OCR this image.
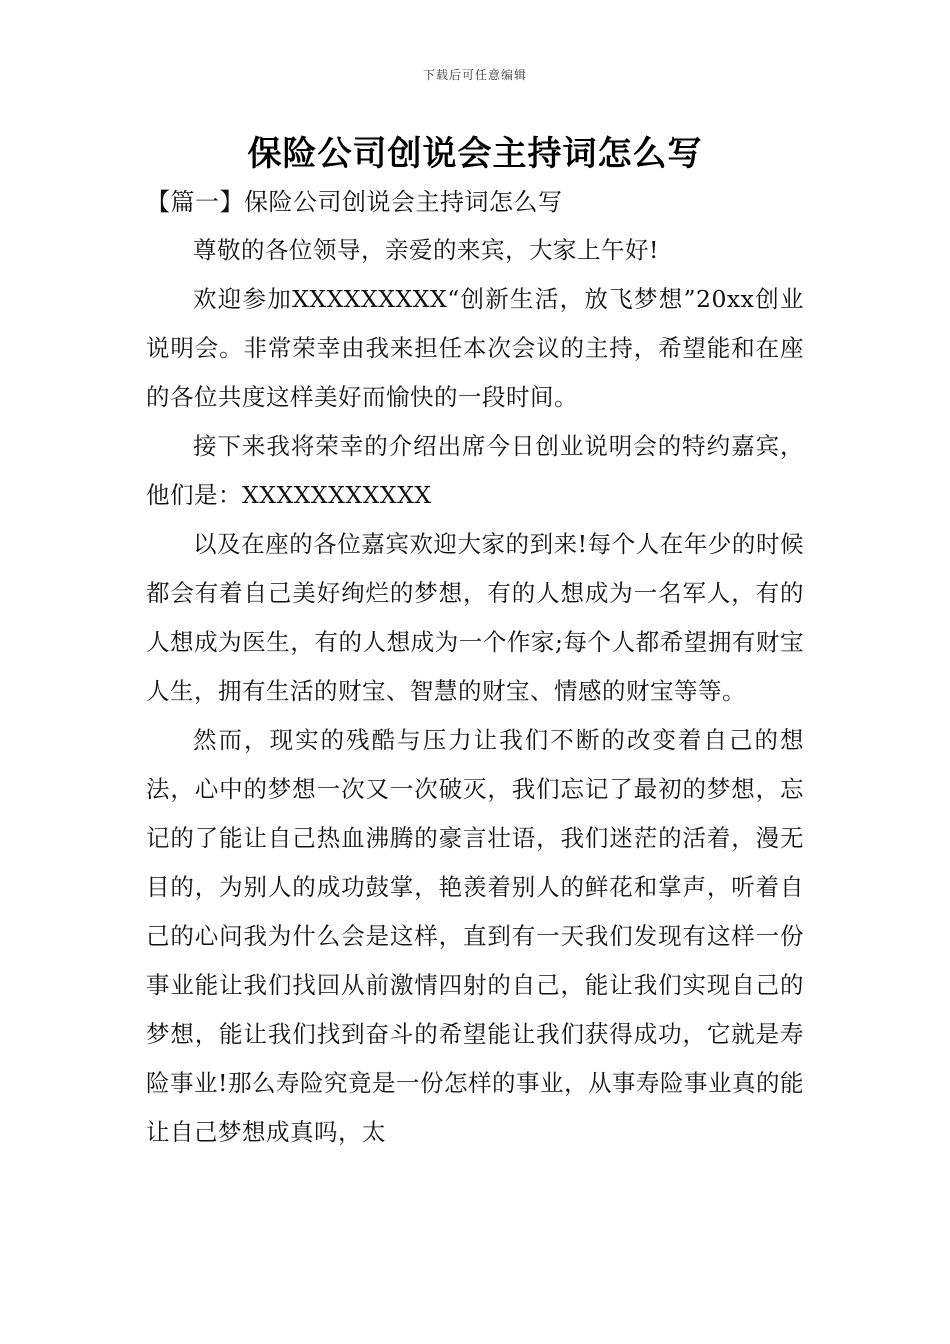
下载后可任意编辑
保险公司创说会主持词怎么写
【篇一】保险公司创说会主持词怎么写

尊敬的各位领导，亲爱的来宾，大家上午好!

欢迎参加XXXXXXXXX“创新生活，放飞梦想”20xx创业说明会。非常荣幸由我来担任本次会议的主持，希望能和在座的各位共度这样美好而愉快的一段时间。

接下来我将荣幸的介绍出席今日创业说明会的特约嘉宾，他们是：XXXXXXXXXXX

以及在座的各位嘉宾欢迎大家的到来!每个人在年少的时候都会有着自己美好绚烂的梦想，有的人想成为一名军人，有的人想成为医生，有的人想成为一个作家;每个人都希望拥有财宝人生，拥有生活的财宝、智慧的财宝、情感的财宝等等。

然而，现实的残酷与压力让我们不断的改变着自己的想法，心中的梦想一次又一次破灭，我们忘记了最初的梦想，忘记的了能让自己热血沸腾的豪言壮语，我们迷茫的活着，漫无目的，为别人的成功鼓掌，艳羡着别人的鲜花和掌声，听着自己的心问我为什么会是这样，直到有一天我们发现有这样一份事业能让我们找回从前激情四射的自己，能让我们实现自己的梦想，能让我们找到奋斗的希望能让我们获得成功，它就是寿险事业!那么寿险究竟是一份怎样的事业，从事寿险事业真的能让自己梦想成真吗，太
